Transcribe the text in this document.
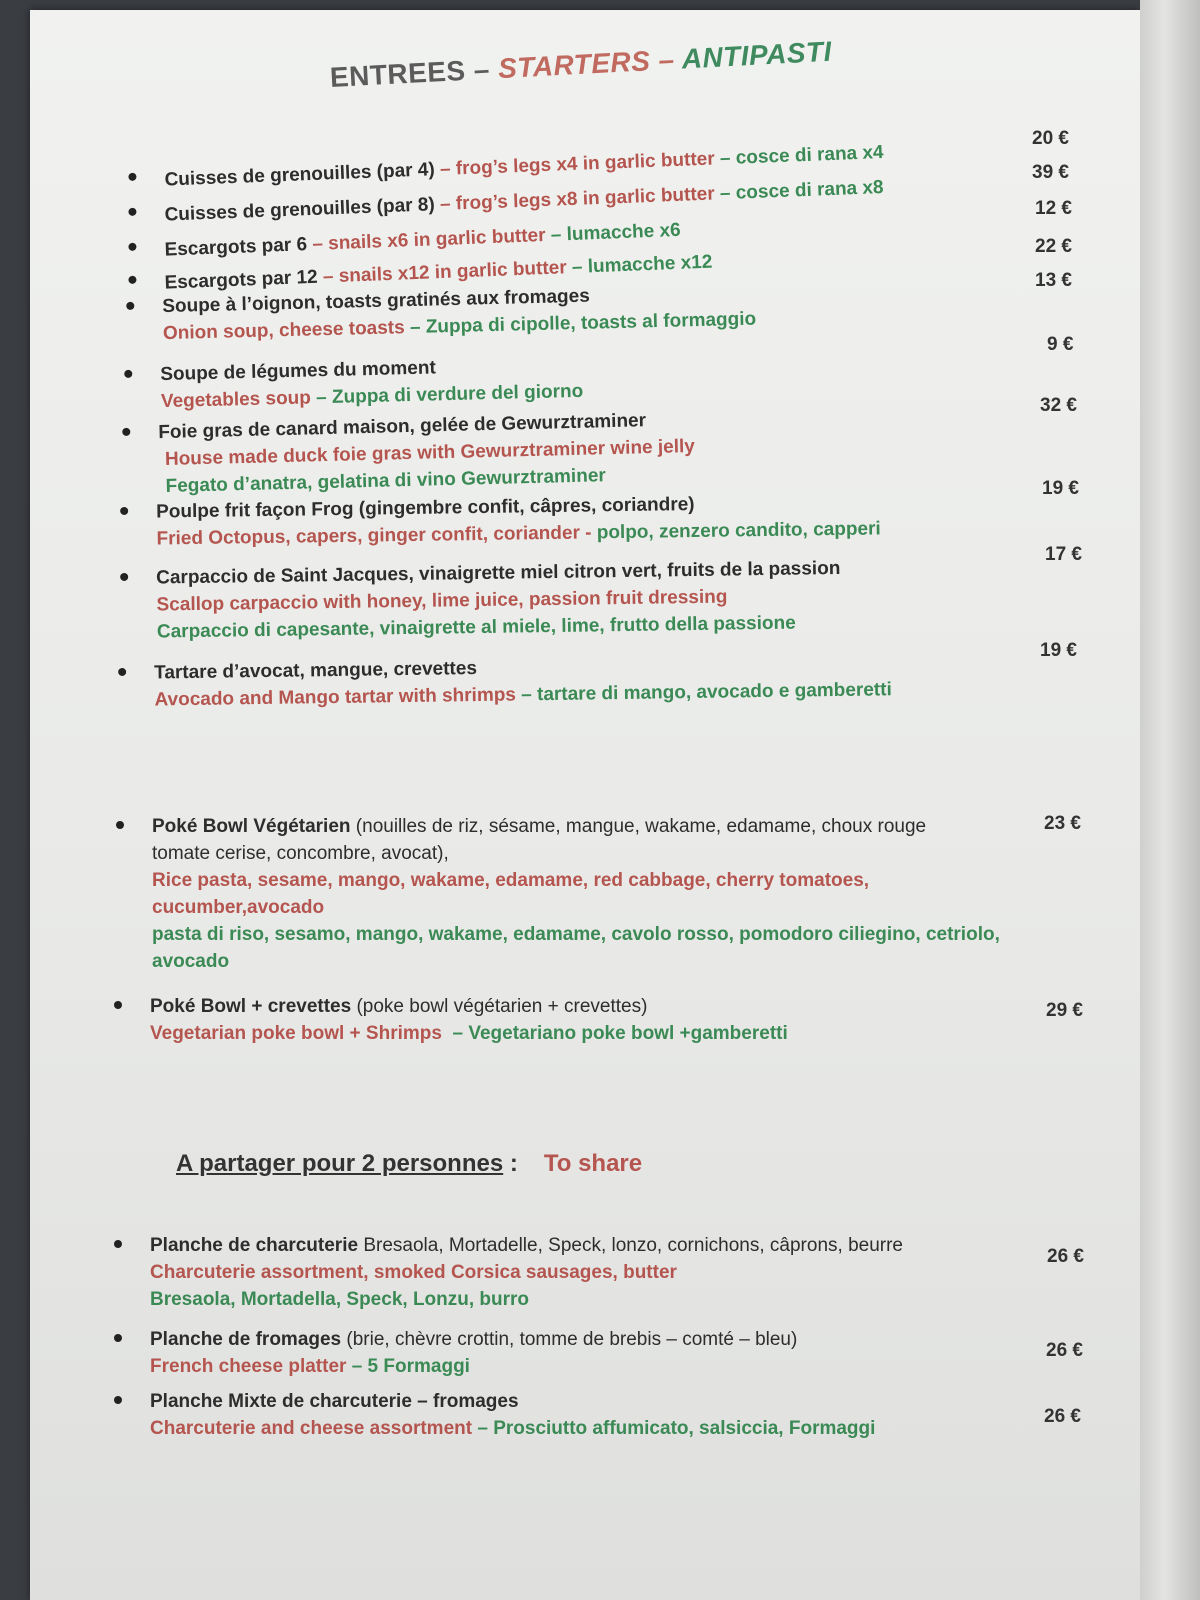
ENTREES – STARTERS – ANTIPASTI
Cuisses de grenouilles (par 4) – frog’s legs x4 in garlic butter – cosce di rana x4
20 €
Cuisses de grenouilles (par 8) – frog’s legs x8 in garlic butter – cosce di rana x8
39 €
Escargots par 6 – snails x6 in garlic butter – lumacche x6
12 €
Escargots par 12 – snails x12 in garlic butter – lumacche x12
22 €
Soupe à l’oignon, toasts gratinés aux fromages
Onion soup, cheese toasts – Zuppa di cipolle, toasts al formaggio
13 €
Soupe de légumes du moment
Vegetables soup – Zuppa di verdure del giorno
9 €
Foie gras de canard maison, gelée de Gewurztraminer
House made duck foie gras with Gewurztraminer wine jelly
Fegato d’anatra, gelatina di vino Gewurztraminer
32 €
Poulpe frit façon Frog (gingembre confit, câpres, coriandre)
Fried Octopus, capers, ginger confit, coriander - polpo, zenzero candito, capperi
19 €
Carpaccio de Saint Jacques, vinaigrette miel citron vert, fruits de la passion
Scallop carpaccio with honey, lime juice, passion fruit dressing
Carpaccio di capesante, vinaigrette al miele, lime, frutto della passione
17 €
Tartare d’avocat, mangue, crevettes
Avocado and Mango tartar with shrimps – tartare di mango, avocado e gamberetti
19 €
Poké Bowl Végétarien (nouilles de riz, sésame, mangue, wakame, edamame, choux rouge
tomate cerise, concombre, avocat),
Rice pasta, sesame, mango, wakame, edamame, red cabbage, cherry tomatoes,
cucumber,avocado
pasta di riso, sesamo, mango, wakame, edamame, cavolo rosso, pomodoro ciliegino, cetriolo,
avocado
23 €
Poké Bowl + crevettes (poke bowl végétarien + crevettes)
Vegetarian poke bowl + Shrimps  – Vegetariano poke bowl +gamberetti
29 €
A partager pour 2 personnes : To share
Planche de charcuterie Bresaola, Mortadelle, Speck, lonzo, cornichons, câprons, beurre
Charcuterie assortment, smoked Corsica sausages, butter
Bresaola, Mortadella, Speck, Lonzu, burro
26 €
Planche de fromages (brie, chèvre crottin, tomme de brebis – comté – bleu)
French cheese platter – 5 Formaggi
26 €
Planche Mixte de charcuterie – fromages
Charcuterie and cheese assortment – Prosciutto affumicato, salsiccia, Formaggi
26 €
